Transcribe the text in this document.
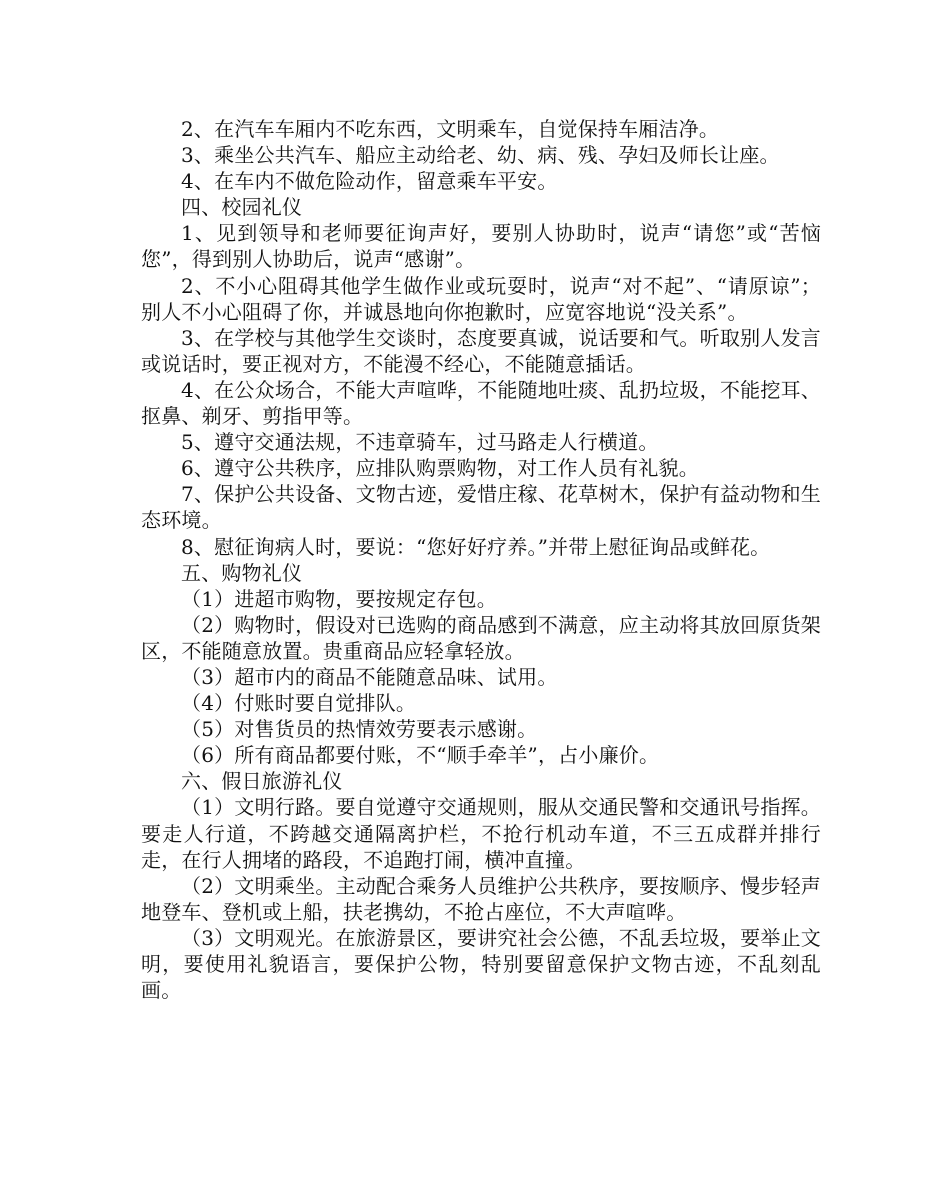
2、在汽车车厢内不吃东西，文明乘车，自觉保持车厢洁净。

3、乘坐公共汽车、船应主动给老、幼、病、残、孕妇及师长让座。

4、在车内不做危险动作，留意乘车平安。

四、校园礼仪

1、见到领导和老师要征询声好，要别人协助时，说声“请您”或“苦恼您”，得到别人协助后，说声“感谢”。

2、不小心阻碍其他学生做作业或玩耍时，说声“对不起”、“请原谅”；别人不小心阻碍了你，并诚恳地向你抱歉时，应宽容地说“没关系”。

3、在学校与其他学生交谈时，态度要真诚，说话要和气。听取别人发言或说话时，要正视对方，不能漫不经心，不能随意插话。

4、在公众场合，不能大声喧哗，不能随地吐痰、乱扔垃圾，不能挖耳、抠鼻、剃牙、剪指甲等。

5、遵守交通法规，不违章骑车，过马路走人行横道。

6、遵守公共秩序，应排队购票购物，对工作人员有礼貌。

7、保护公共设备、文物古迹，爱惜庄稼、花草树木，保护有益动物和生态环境。

8、慰征询病人时，要说：“您好好疗养。”并带上慰征询品或鲜花。

五、购物礼仪

（1）进超市购物，要按规定存包。

（2）购物时，假设对已选购的商品感到不满意，应主动将其放回原货架区，不能随意放置。贵重商品应轻拿轻放。

（3）超市内的商品不能随意品味、试用。

（4）付账时要自觉排队。

（5）对售货员的热情效劳要表示感谢。

（6）所有商品都要付账，不“顺手牵羊”，占小廉价。

六、假日旅游礼仪

（1）文明行路。要自觉遵守交通规则，服从交通民警和交通讯号指挥。要走人行道，不跨越交通隔离护栏，不抢行机动车道，不三五成群并排行走，在行人拥堵的路段，不追跑打闹，横冲直撞。

（2）文明乘坐。主动配合乘务人员维护公共秩序，要按顺序、慢步轻声地登车、登机或上船，扶老携幼，不抢占座位，不大声喧哗。

（3）文明观光。在旅游景区，要讲究社会公德，不乱丢垃圾，要举止文明，要使用礼貌语言，要保护公物，特别要留意保护文物古迹，不乱刻乱画。
